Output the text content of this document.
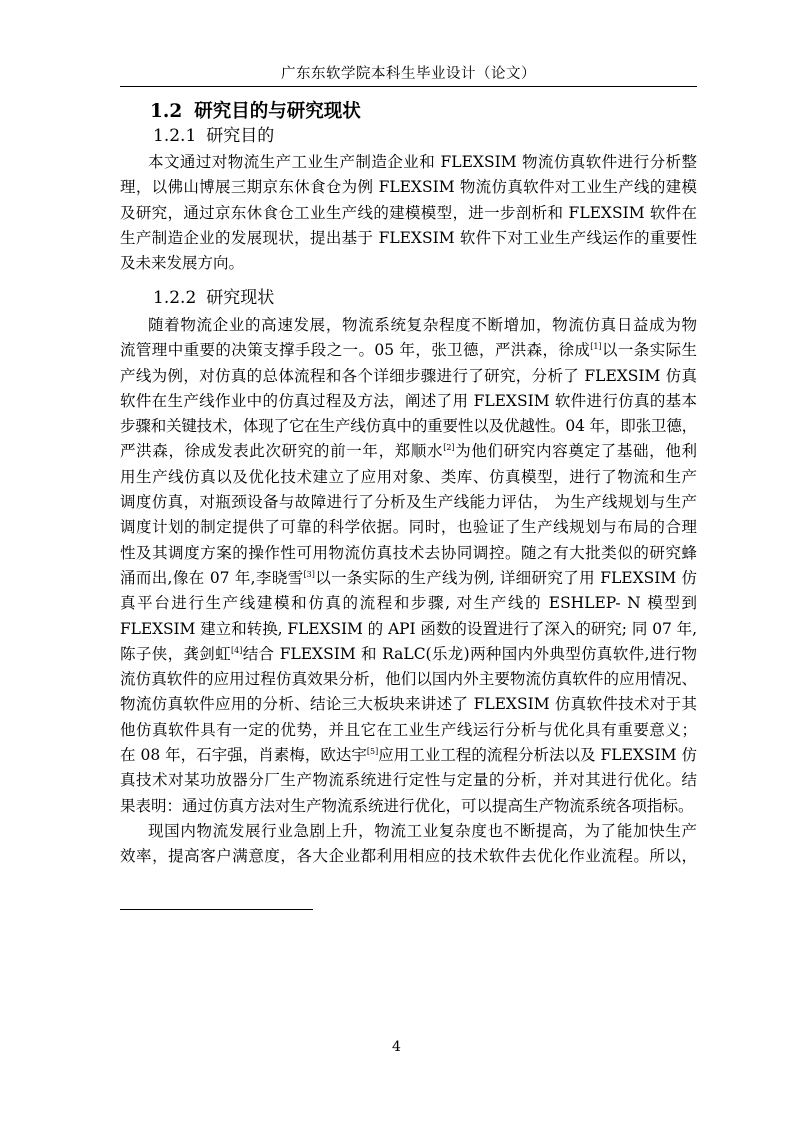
广东东软学院本科生毕业设计（论文）
1.2 研究目的与研究现状
1.2.1 研究目的
本文通过对物流生产工业生产制造企业和 FLEXSIM 物流仿真软件进行分析整
理，以佛山博展三期京东休食仓为例 FLEXSIM 物流仿真软件对工业生产线的建模
及研究，通过京东休食仓工业生产线的建模模型，进一步剖析和 FLEXSIM 软件在
生产制造企业的发展现状，提出基于 FLEXSIM 软件下对工业生产线运作的重要性
及未来发展方向。
1.2.2 研究现状
随着物流企业的高速发展，物流系统复杂程度不断增加，物流仿真日益成为物
流管理中重要的决策支撑手段之一。05 年，张卫德，严洪森，徐成[1]以一条实际生
产线为例，对仿真的总体流程和各个详细步骤进行了研究，分析了 FLEXSIM 仿真
软件在生产线作业中的仿真过程及方法，阐述了用 FLEXSIM 软件进行仿真的基本
步骤和关键技术，体现了它在生产线仿真中的重要性以及优越性。04 年，即张卫德，
严洪森，徐成发表此次研究的前一年，郑顺水[2]为他们研究内容奠定了基础，他利
用生产线仿真以及优化技术建立了应用对象、类库、仿真模型，进行了物流和生产
调度仿真，对瓶颈设备与故障进行了分析及生产线能力评估， 为生产线规划与生产
调度计划的制定提供了可靠的科学依据。同时，也验证了生产线规划与布局的合理
性及其调度方案的操作性可用物流仿真技术去协同调控。随之有大批类似的研究蜂
涌而出,像在 07 年,李晓雪[3]以一条实际的生产线为例, 详细研究了用 FLEXSIM 仿
真平台进行生产线建模和仿真的流程和步骤, 对生产线的 ESHLEP- N 模型到
FLEXSIM 建立和转换, FLEXSIM 的 API 函数的设置进行了深入的研究; 同 07 年,
陈子侠，龚剑虹[4]结合 FLEXSIM 和 RaLC(乐龙)两种国内外典型仿真软件,进行物
流仿真软件的应用过程仿真效果分析，他们以国内外主要物流仿真软件的应用情况、
物流仿真软件应用的分析、结论三大板块来讲述了 FLEXSIM 仿真软件技术对于其
他仿真软件具有一定的优势，并且它在工业生产线运行分析与优化具有重要意义；
在 08 年，石宇强，肖素梅，欧达宇[5]应用工业工程的流程分析法以及 FLEXSIM 仿
真技术对某功放器分厂生产物流系统进行定性与定量的分析，并对其进行优化。结
果表明：通过仿真方法对生产物流系统进行优化，可以提高生产物流系统各项指标。
现国内物流发展行业急剧上升，物流工业复杂度也不断提高，为了能加快生产
效率，提高客户满意度，各大企业都利用相应的技术软件去优化作业流程。所以，
4
